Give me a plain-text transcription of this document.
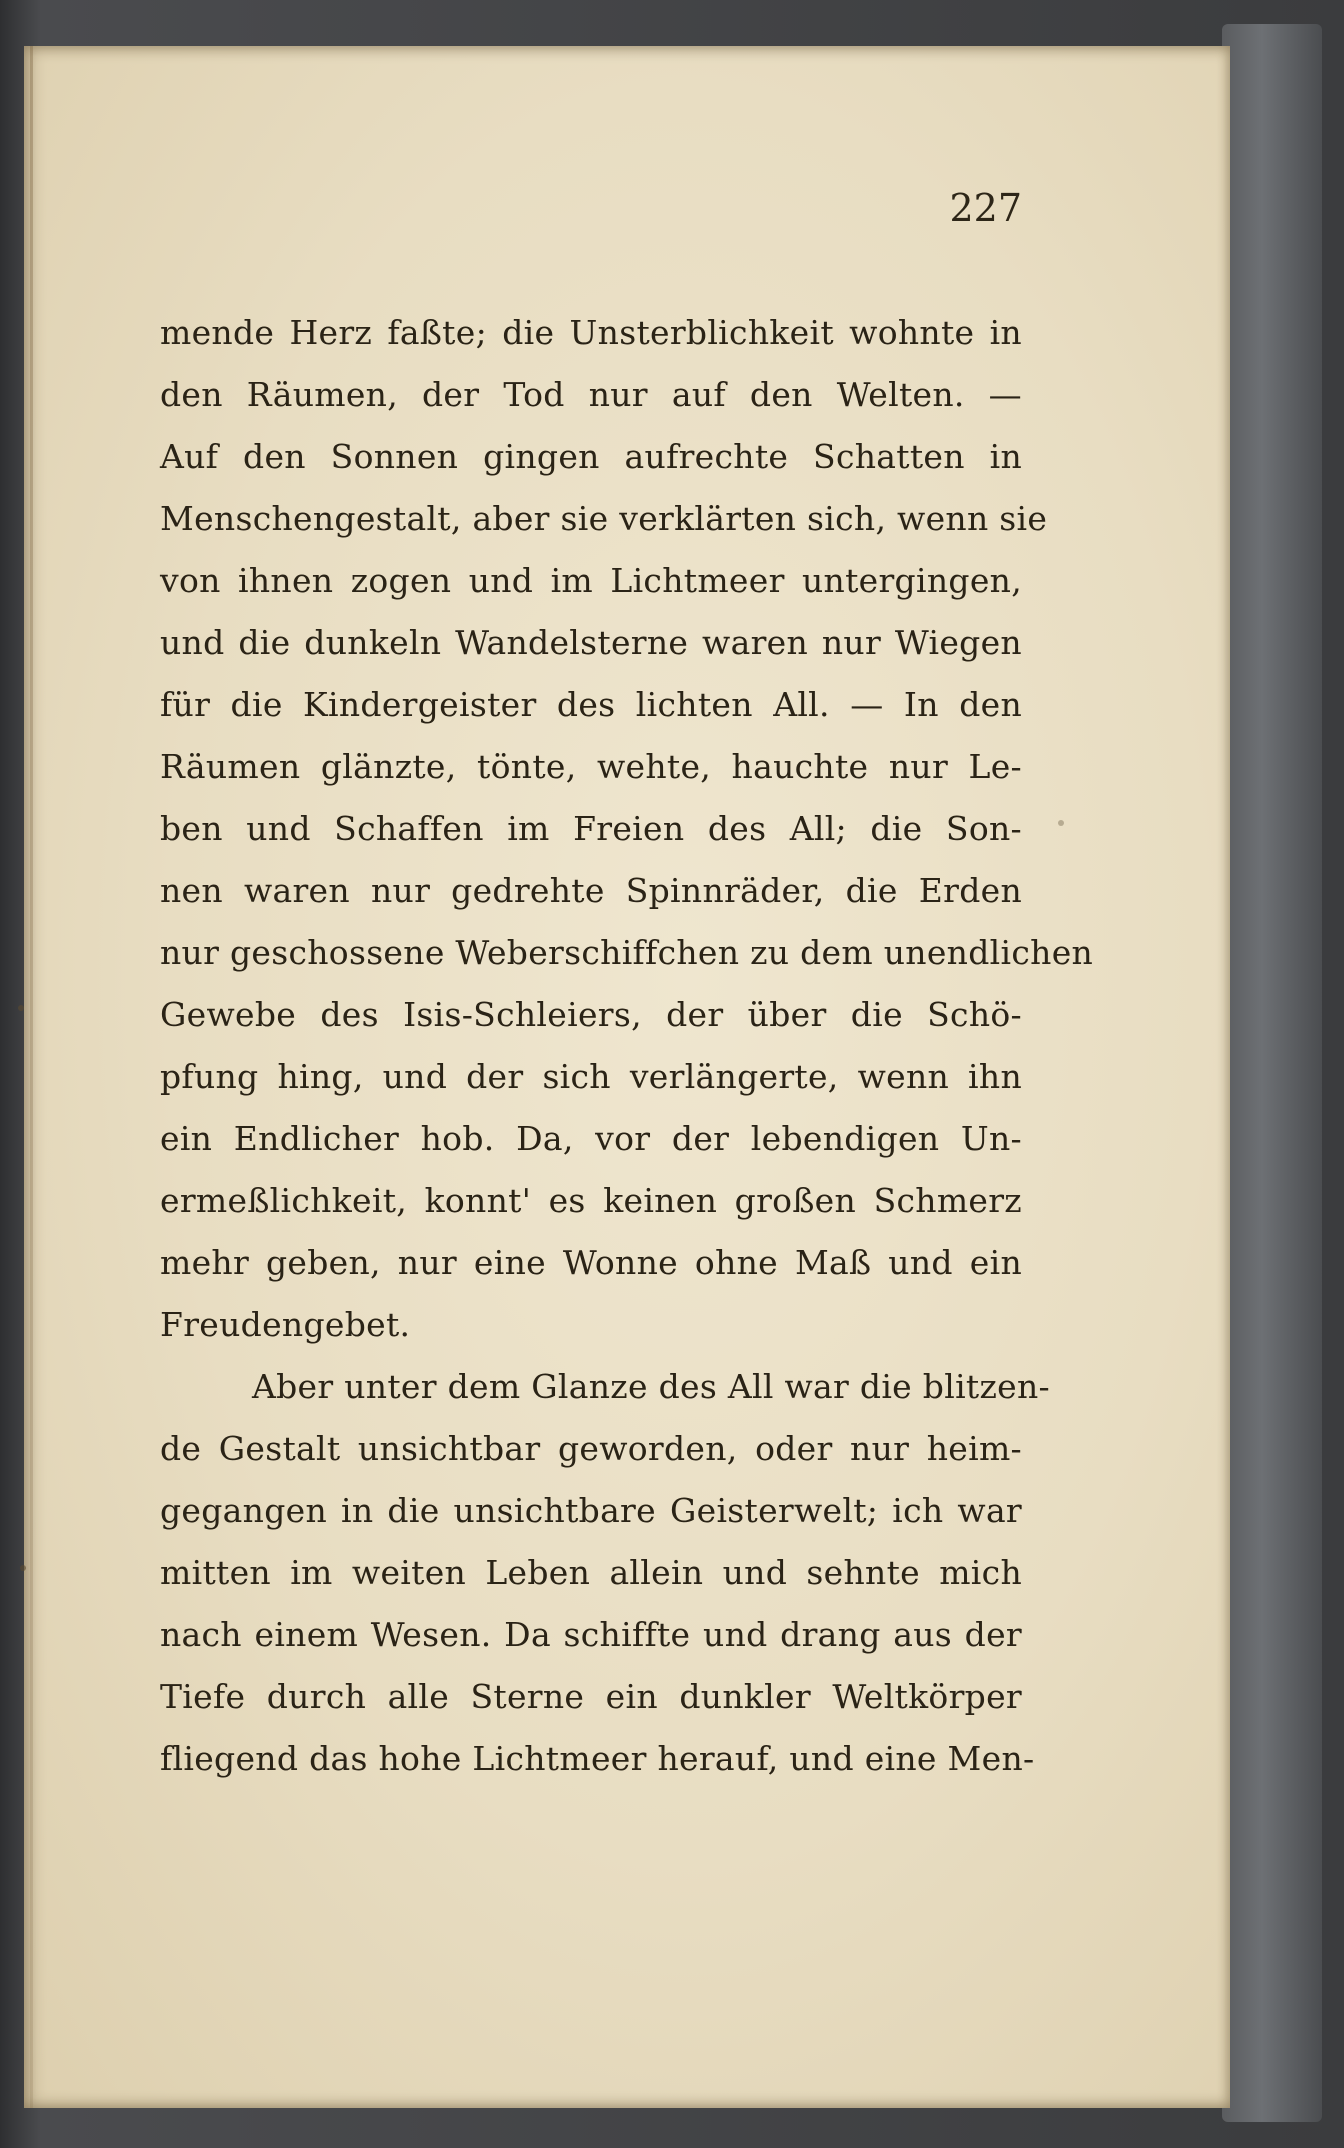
227
mende Herz faßte; die Unsterblichkeit wohnte in
den Räumen, der Tod nur auf den Welten. —
Auf den Sonnen gingen aufrechte Schatten in
Menschengestalt, aber sie verklärten sich, wenn sie
von ihnen zogen und im Lichtmeer untergingen,
und die dunkeln Wandelsterne waren nur Wiegen
für die Kindergeister des lichten All. — In den
Räumen glänzte, tönte, wehte, hauchte nur Le-
ben und Schaffen im Freien des All; die Son-
nen waren nur gedrehte Spinnräder, die Erden
nur geschossene Weberschiffchen zu dem unendlichen
Gewebe des Isis-Schleiers, der über die Schö-
pfung hing, und der sich verlängerte, wenn ihn
ein Endlicher hob. Da, vor der lebendigen Un-
ermeßlichkeit, konnt' es keinen großen Schmerz
mehr geben, nur eine Wonne ohne Maß und ein
Freudengebet.
Aber unter dem Glanze des All war die blitzen-
de Gestalt unsichtbar geworden, oder nur heim-
gegangen in die unsichtbare Geisterwelt; ich war
mitten im weiten Leben allein und sehnte mich
nach einem Wesen. Da schiffte und drang aus der
Tiefe durch alle Sterne ein dunkler Weltkörper
fliegend das hohe Lichtmeer herauf, und eine Men-
